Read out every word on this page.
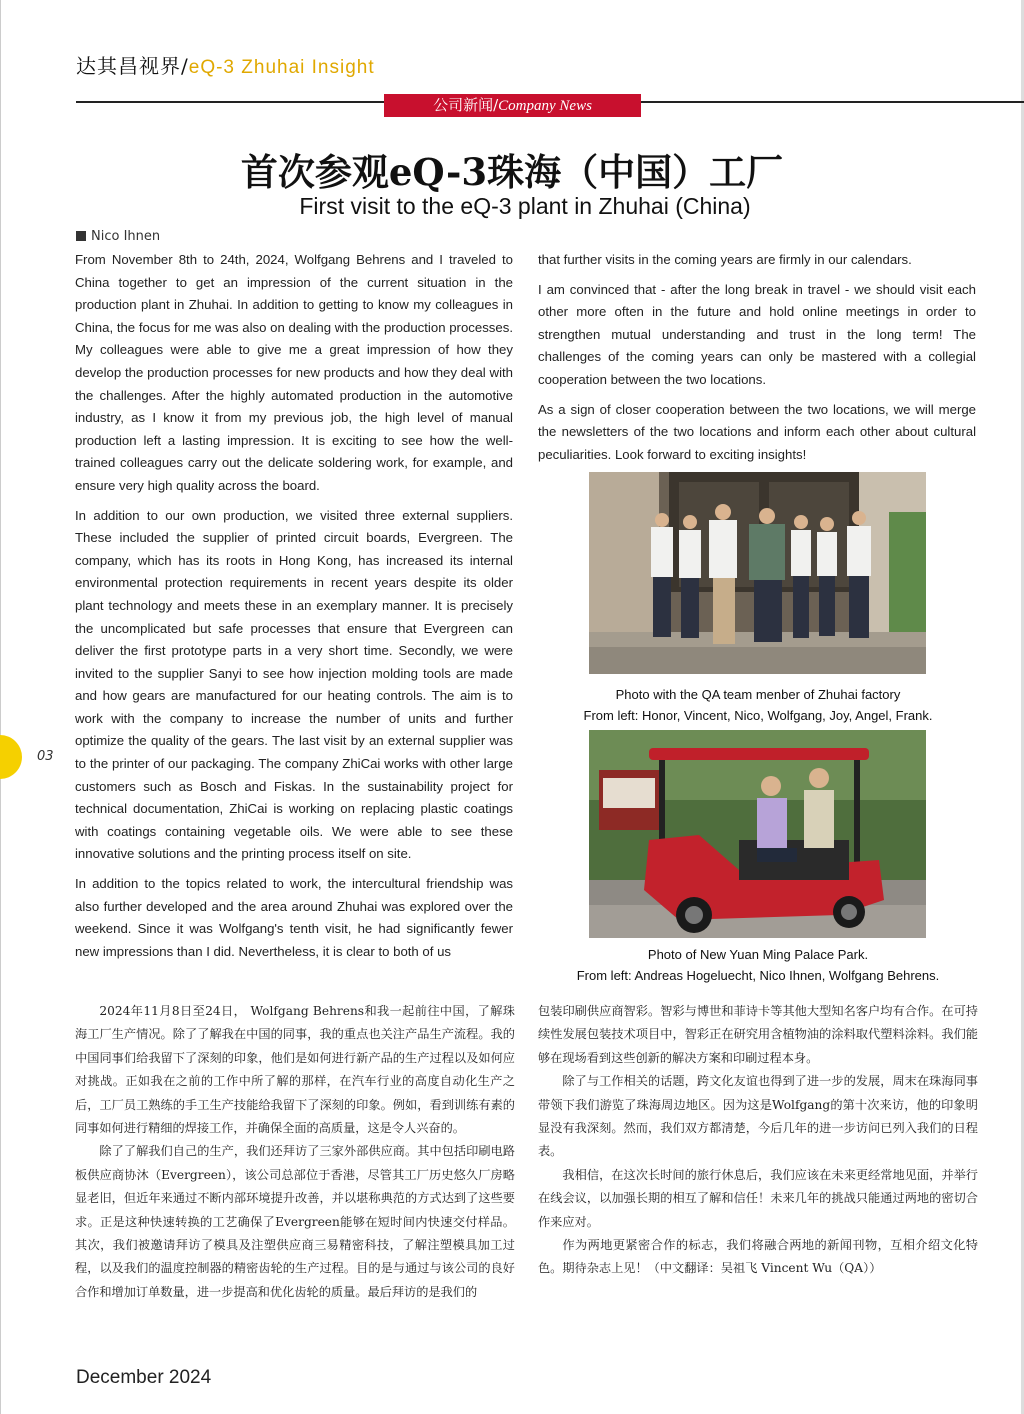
达其昌视界/eQ-3 Zhuhai Insight
公司新闻/Company News
首次参观eQ-3珠海（中国）工厂
First visit to the eQ-3 plant in Zhuhai (China)
Nico Ihnen

From November 8th to 24th, 2024, Wolfgang Behrens and I traveled to China together to get an impression of the current situation in the production plant in Zhuhai. In addition to getting to know my colleagues in China, the focus for me was also on dealing with the production processes. My colleagues were able to give me a great impression of how they develop the production processes for new products and how they deal with the challenges. After the highly automated production in the automotive industry, as I know it from my previous job, the high level of manual production left a lasting impression. It is exciting to see how the well-trained colleagues carry out the delicate soldering work, for example, and ensure very high quality across the board.

In addition to our own production, we visited three external suppliers. These included the supplier of printed circuit boards, Evergreen. The company, which has its roots in Hong Kong, has increased its internal environmental protection requirements in recent years despite its older plant technology and meets these in an exemplary manner. It is precisely the uncomplicated but safe processes that ensure that Evergreen can deliver the first prototype parts in a very short time. Secondly, we were invited to the supplier Sanyi to see how injection molding tools are made and how gears are manufactured for our heating controls. The aim is to work with the company to increase the number of units and further optimize the quality of the gears. The last visit by an external supplier was to the printer of our packaging. The company ZhiCai works with other large customers such as Bosch and Fiskas. In the sustainability project for technical documentation, ZhiCai is working on replacing plastic coatings with coatings containing vegetable oils. We were able to see these innovative solutions and the printing process itself on site.

In addition to the topics related to work, the intercultural friendship was also further developed and the area around Zhuhai was explored over the weekend. Since it was Wolfgang's tenth visit, he had significantly fewer new impressions than I did. Nevertheless, it is clear to both of us

that further visits in the coming years are firmly in our calendars.

I am convinced that - after the long break in travel - we should visit each other more often in the future and hold online meetings in order to strengthen mutual understanding and trust in the long term! The challenges of the coming years can only be mastered with a collegial cooperation between the two locations.

As a sign of closer cooperation between the two locations, we will merge the newsletters of the two locations and inform each other about cultural peculiarities. Look forward to exciting insights!

Photo with the QA team menber of Zhuhai factory
From left: Honor, Vincent, Nico, Wolfgang, Joy, Angel, Frank.
Photo of New Yuan Ming Palace Park.
From left: Andreas Hogeluecht, Nico Ihnen, Wolfgang Behrens.

2024年11月8日至24日， Wolfgang Behrens和我一起前往中国，了解珠海工厂生产情况。除了了解我在中国的同事，我的重点也关注产品生产流程。我的中国同事们给我留下了深刻的印象，他们是如何进行新产品的生产过程以及如何应对挑战。正如我在之前的工作中所了解的那样，在汽车行业的高度自动化生产之后，工厂员工熟练的手工生产技能给我留下了深刻的印象。例如，看到训练有素的同事如何进行精细的焊接工作，并确保全面的高质量，这是令人兴奋的。

除了了解我们自己的生产，我们还拜访了三家外部供应商。其中包括印刷电路板供应商协沐（Evergreen），该公司总部位于香港，尽管其工厂历史悠久厂房略显老旧，但近年来通过不断内部环境提升改善，并以堪称典范的方式达到了这些要求。正是这种快速转换的工艺确保了Evergreen能够在短时间内快速交付样品。其次，我们被邀请拜访了模具及注塑供应商三易精密科技，了解注塑模具加工过程，以及我们的温度控制器的精密齿轮的生产过程。目的是与通过与该公司的良好合作和增加订单数量，进一步提高和优化齿轮的质量。最后拜访的是我们的

包装印刷供应商智彩。智彩与博世和菲诗卡等其他大型知名客户均有合作。在可持续性发展包装技术项目中，智彩正在研究用含植物油的涂料取代塑料涂料。我们能够在现场看到这些创新的解决方案和印刷过程本身。

除了与工作相关的话题，跨文化友谊也得到了进一步的发展，周末在珠海同事带领下我们游览了珠海周边地区。因为这是Wolfgang的第十次来访，他的印象明显没有我深刻。然而，我们双方都清楚，今后几年的进一步访问已列入我们的日程表。

我相信，在这次长时间的旅行休息后，我们应该在未来更经常地见面，并举行在线会议，以加强长期的相互了解和信任！未来几年的挑战只能通过两地的密切合作来应对。

作为两地更紧密合作的标志，我们将融合两地的新闻刊物，互相介绍文化特色。期待杂志上见！（中文翻译：吴祖飞 Vincent Wu（QA））

03
December 2024
